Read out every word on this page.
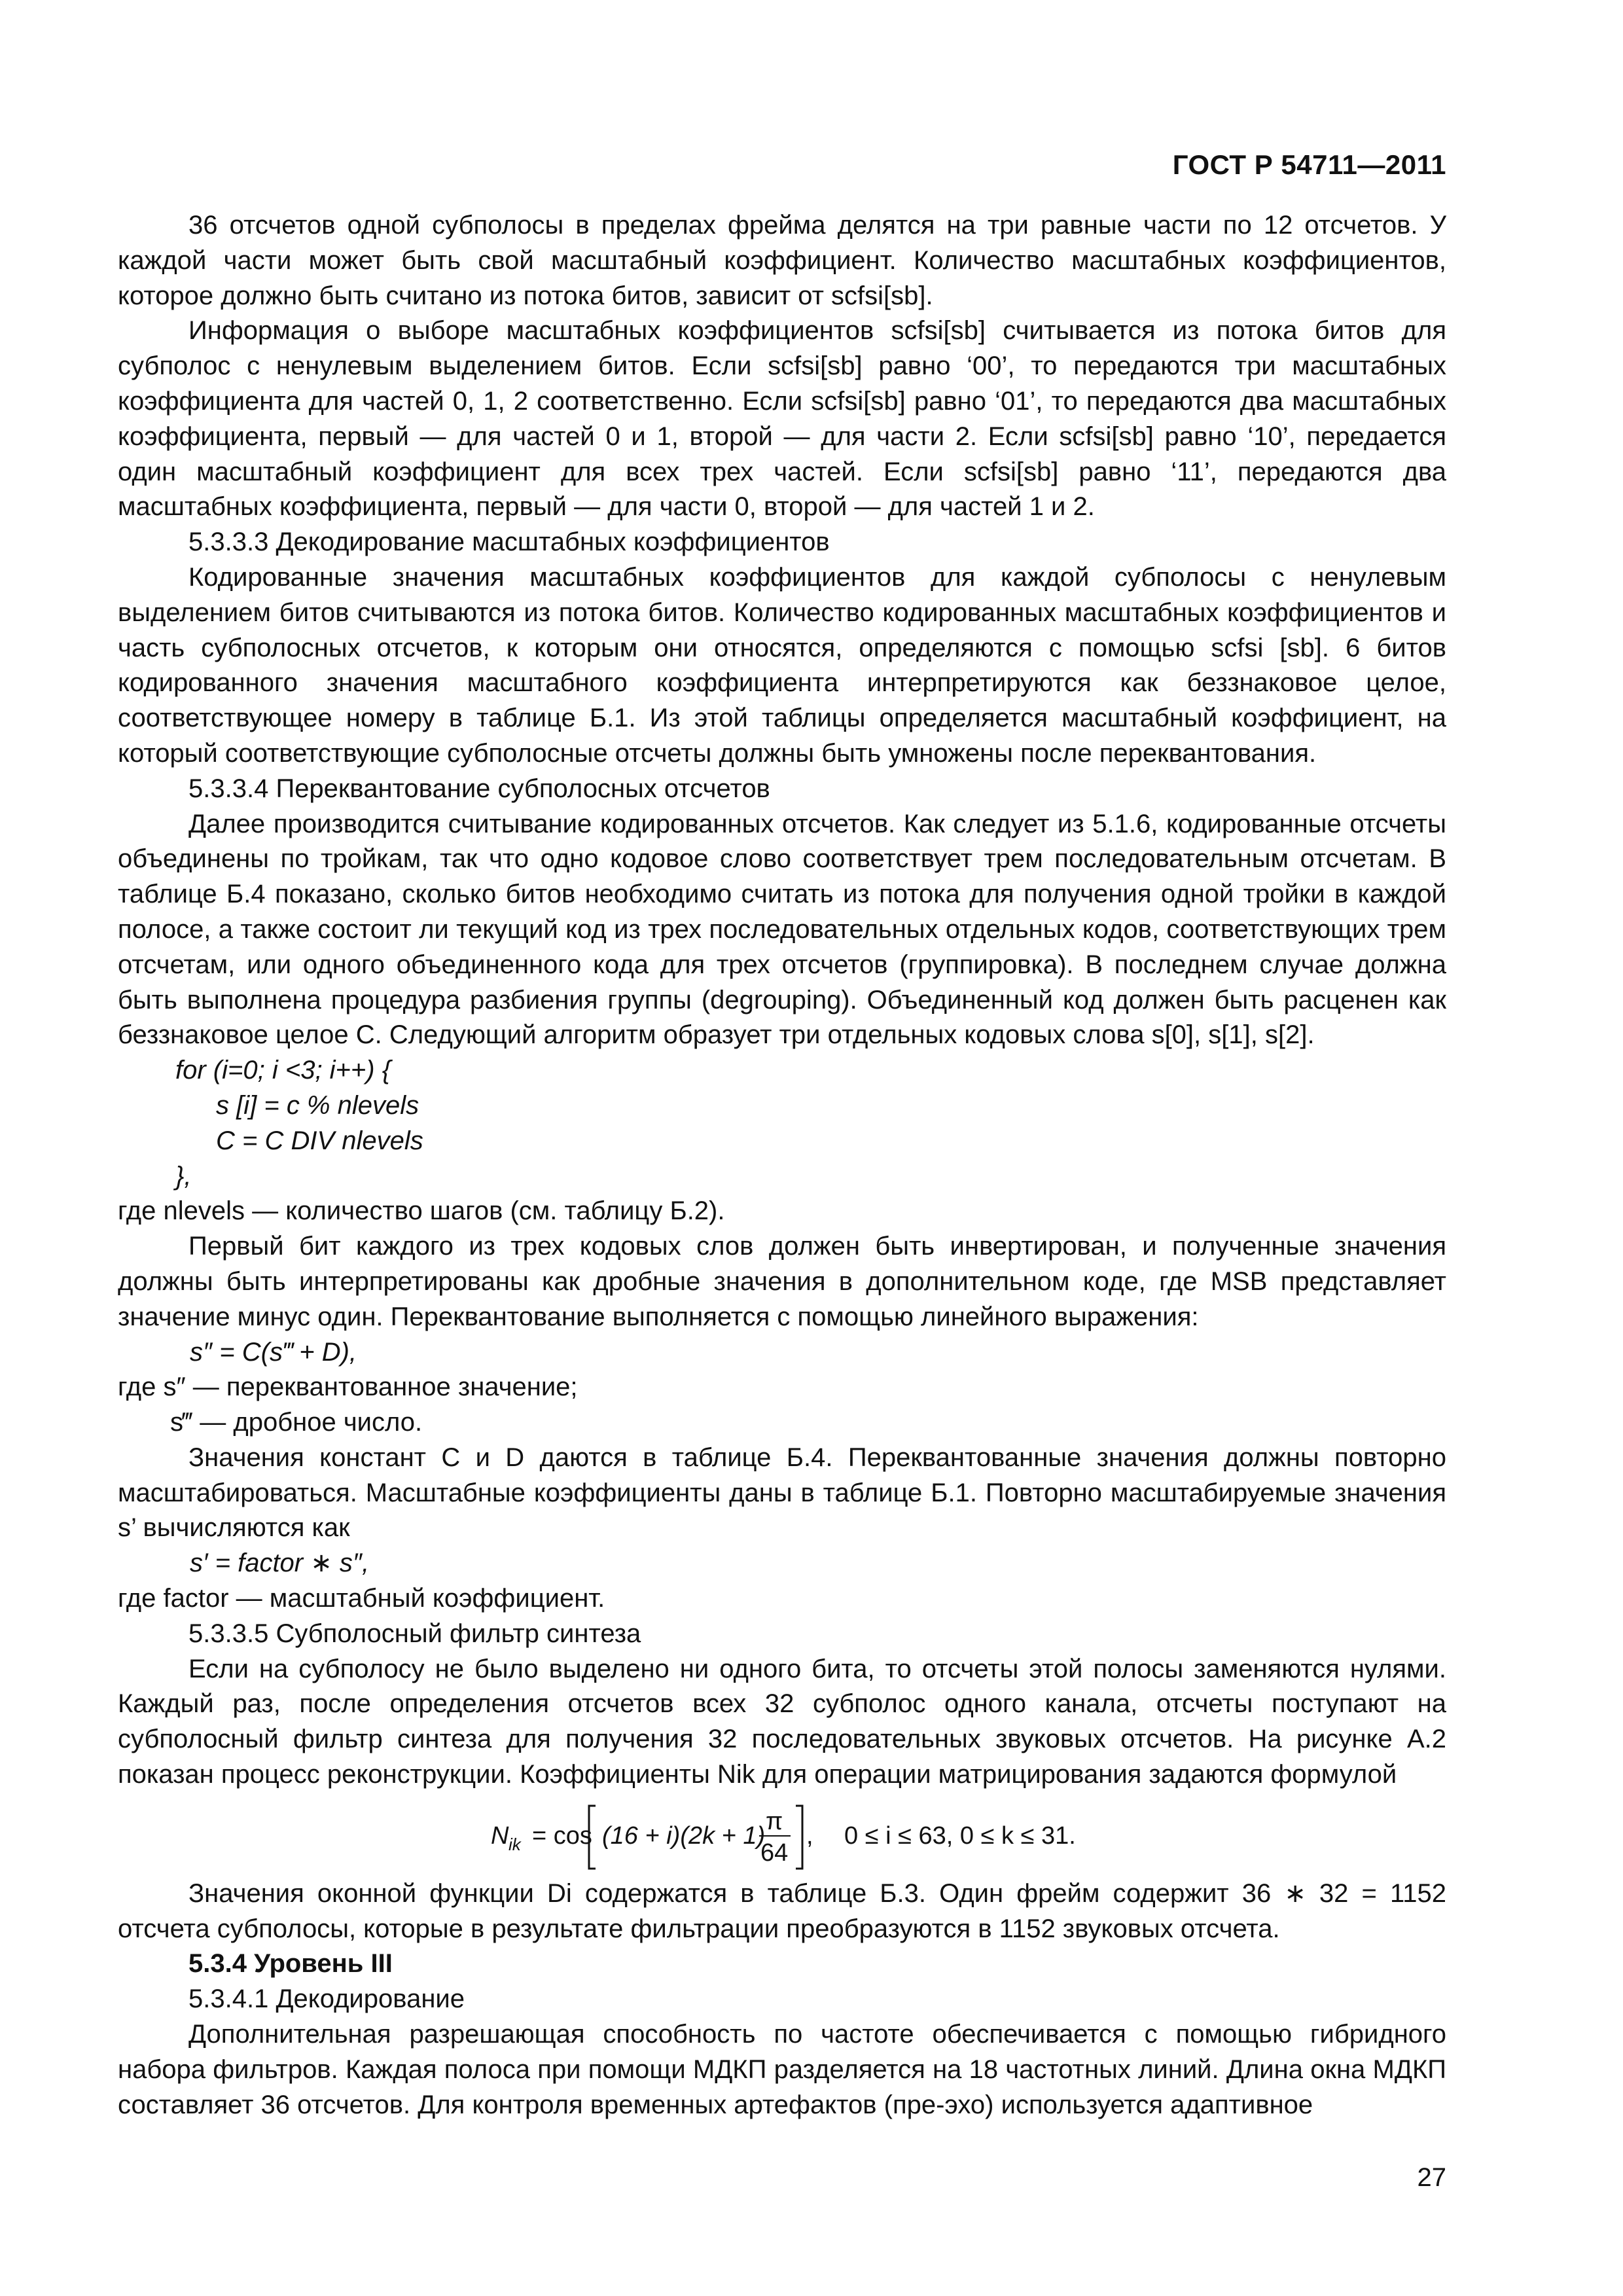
ГОСТ Р 54711—2011

36 отсчетов одной субполосы в пределах фрейма делятся на три равные части по 12 отсчетов. У каждой части может быть свой масштабный коэффициент. Количество масштабных коэффициентов, которое должно быть считано из потока битов, зависит от scfsi[sb].

Информация о выборе масштабных коэффициентов scfsi[sb] считывается из потока битов для субполос с ненулевым выделением битов. Если scfsi[sb] равно ‘00’, то передаются три масштабных коэффициента для частей 0, 1, 2 соответственно. Если scfsi[sb] равно ‘01’, то передаются два масштабных коэффициента, первый — для частей 0 и 1, второй — для части 2. Если scfsi[sb] равно ‘10’, передается один масштабный коэффициент для всех трех частей. Если scfsi[sb] равно ‘11’, передаются два масштабных коэффициента, первый — для части 0, второй — для частей 1 и 2.

5.3.3.3 Декодирование масштабных коэффициентов

Кодированные значения масштабных коэффициентов для каждой субполосы с ненулевым выделением битов считываются из потока битов. Количество кодированных масштабных коэффициентов и часть субполосных отсчетов, к которым они относятся, определяются с помощью scfsi [sb]. 6 битов кодированного значения масштабного коэффициента интерпретируются как беззнаковое целое, соответствующее номеру в таблице Б.1. Из этой таблицы определяется масштабный коэффициент, на который соответствующие субполосные отсчеты должны быть умножены после переквантования.

5.3.3.4 Переквантование субполосных отсчетов

Далее производится считывание кодированных отсчетов. Как следует из 5.1.6, кодированные отсчеты объединены по тройкам, так что одно кодовое слово соответствует трем последовательным отсчетам. В таблице Б.4 показано, сколько битов необходимо считать из потока для получения одной тройки в каждой полосе, а также состоит ли текущий код из трех последовательных отдельных кодов, соответствующих трем отсчетам, или одного объединенного кода для трех отсчетов (группировка). В последнем случае должна быть выполнена процедура разбиения группы (degrouping). Объединенный код должен быть расценен как беззнаковое целое C. Следующий алгоритм образует три отдельных кодовых слова s[0], s[1], s[2].

for (i=0; i <3; i++) {

s [i] = c % nlevels

C = C DIV nlevels

},

где nlevels — количество шагов (см. таблицу Б.2).

Первый бит каждого из трех кодовых слов должен быть инвертирован, и полученные значения должны быть интерпретированы как дробные значения в дополнительном коде, где MSB представляет значение минус один. Переквантование выполняется с помощью линейного выражения:

s″ = C(s‴ + D),

где s″ — переквантованное значение;

s‴ — дробное число.

Значения констант C и D даются в таблице Б.4. Переквантованные значения должны повторно масштабироваться. Масштабные коэффициенты даны в таблице Б.1. Повторно масштабируемые значения s’ вычисляются как

s′ = factor ∗ s″,

где factor — масштабный коэффициент.

5.3.3.5 Субполосный фильтр синтеза

Если на субполосу не было выделено ни одного бита, то отсчеты этой полосы заменяются нулями. Каждый раз, после определения отсчетов всех 32 субполос одного канала, отсчеты поступают на субполосный фильтр синтеза для получения 32 последовательных звуковых отсчетов. На рисунке А.2 показан процесс реконструкции. Коэффициенты Nik для операции матрицирования задаются формулой

N ik = cos (16 + i)(2k + 1)
π
64
, 0 ≤ i ≤ 63, 0 ≤ k ≤ 31.

Значения оконной функции Di содержатся в таблице Б.3. Один фрейм содержит 36 ∗ 32 = 1152 отсчета субполосы, которые в результате фильтрации преобразуются в 1152 звуковых отсчета.

5.3.4 Уровень III

5.3.4.1 Декодирование

Дополнительная разрешающая способность по частоте обеспечивается с помощью гибридного набора фильтров. Каждая полоса при помощи МДКП разделяется на 18 частотных линий. Длина окна МДКП составляет 36 отсчетов. Для контроля временных артефактов (пре-эхо) используется адаптивное

27
